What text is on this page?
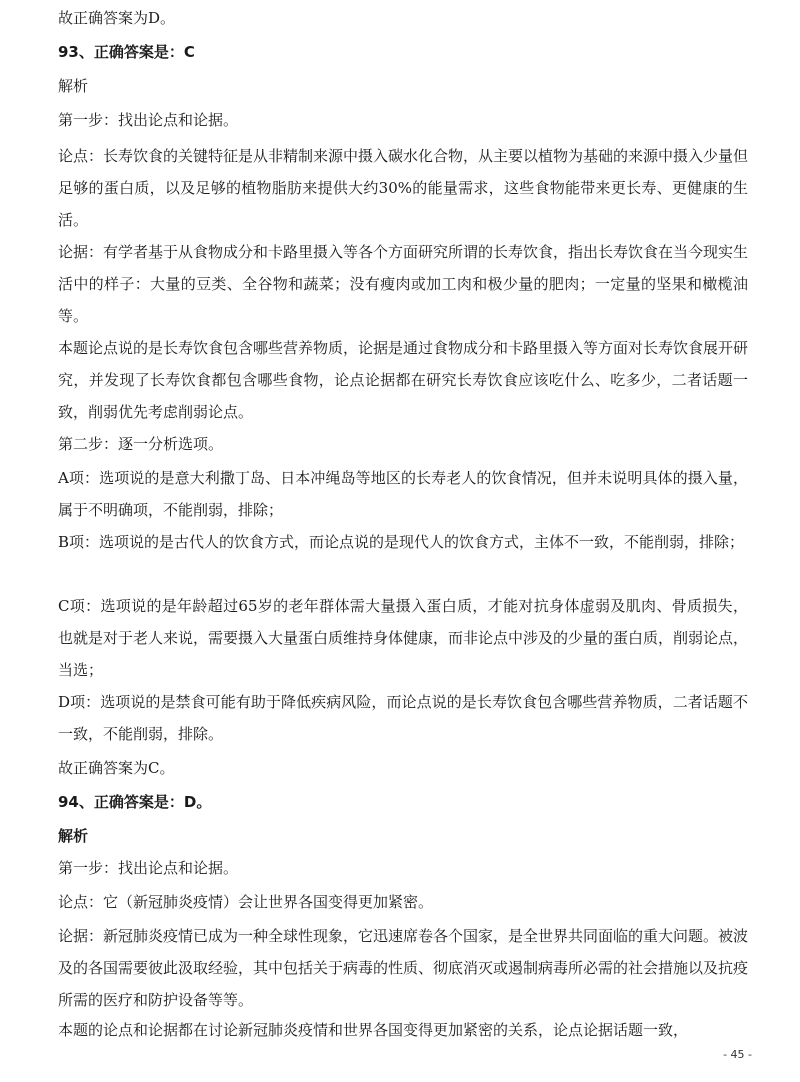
故正确答案为D。
93、正确答案是：C
解析
第一步：找出论点和论据。
论点：长寿饮食的关键特征是从非精制来源中摄入碳水化合物，从主要以植物为基础的来源中摄入少量但足够的蛋白质，以及足够的植物脂肪来提供大约30%的能量需求，这些食物能带来更长寿、更健康的生活。
论据：有学者基于从食物成分和卡路里摄入等各个方面研究所谓的长寿饮食，指出长寿饮食在当今现实生活中的样子：大量的豆类、全谷物和蔬菜；没有瘦肉或加工肉和极少量的肥肉；一定量的坚果和橄榄油等。
本题论点说的是长寿饮食包含哪些营养物质，论据是通过食物成分和卡路里摄入等方面对长寿饮食展开研究，并发现了长寿饮食都包含哪些食物，论点论据都在研究长寿饮食应该吃什么、吃多少，二者话题一致，削弱优先考虑削弱论点。
第二步：逐一分析选项。
A项：选项说的是意大利撒丁岛、日本冲绳岛等地区的长寿老人的饮食情况，但并未说明具体的摄入量，属于不明确项，不能削弱，排除；
B项：选项说的是古代人的饮食方式，而论点说的是现代人的饮食方式，主体不一致，不能削弱，排除；
C项：选项说的是年龄超过65岁的老年群体需大量摄入蛋白质，才能对抗身体虚弱及肌肉、骨质损失，也就是对于老人来说，需要摄入大量蛋白质维持身体健康，而非论点中涉及的少量的蛋白质，削弱论点，当选；
D项：选项说的是禁食可能有助于降低疾病风险，而论点说的是长寿饮食包含哪些营养物质，二者话题不一致，不能削弱，排除。
故正确答案为C。
94、正确答案是：D。
解析
第一步：找出论点和论据。
论点：它（新冠肺炎疫情）会让世界各国变得更加紧密。
论据：新冠肺炎疫情已成为一种全球性现象，它迅速席卷各个国家，是全世界共同面临的重大问题。被波及的各国需要彼此汲取经验，其中包括关于病毒的性质、彻底消灭或遏制病毒所必需的社会措施以及抗疫所需的医疗和防护设备等等。
本题的论点和论据都在讨论新冠肺炎疫情和世界各国变得更加紧密的关系，论点论据话题一致，
- 45 -
